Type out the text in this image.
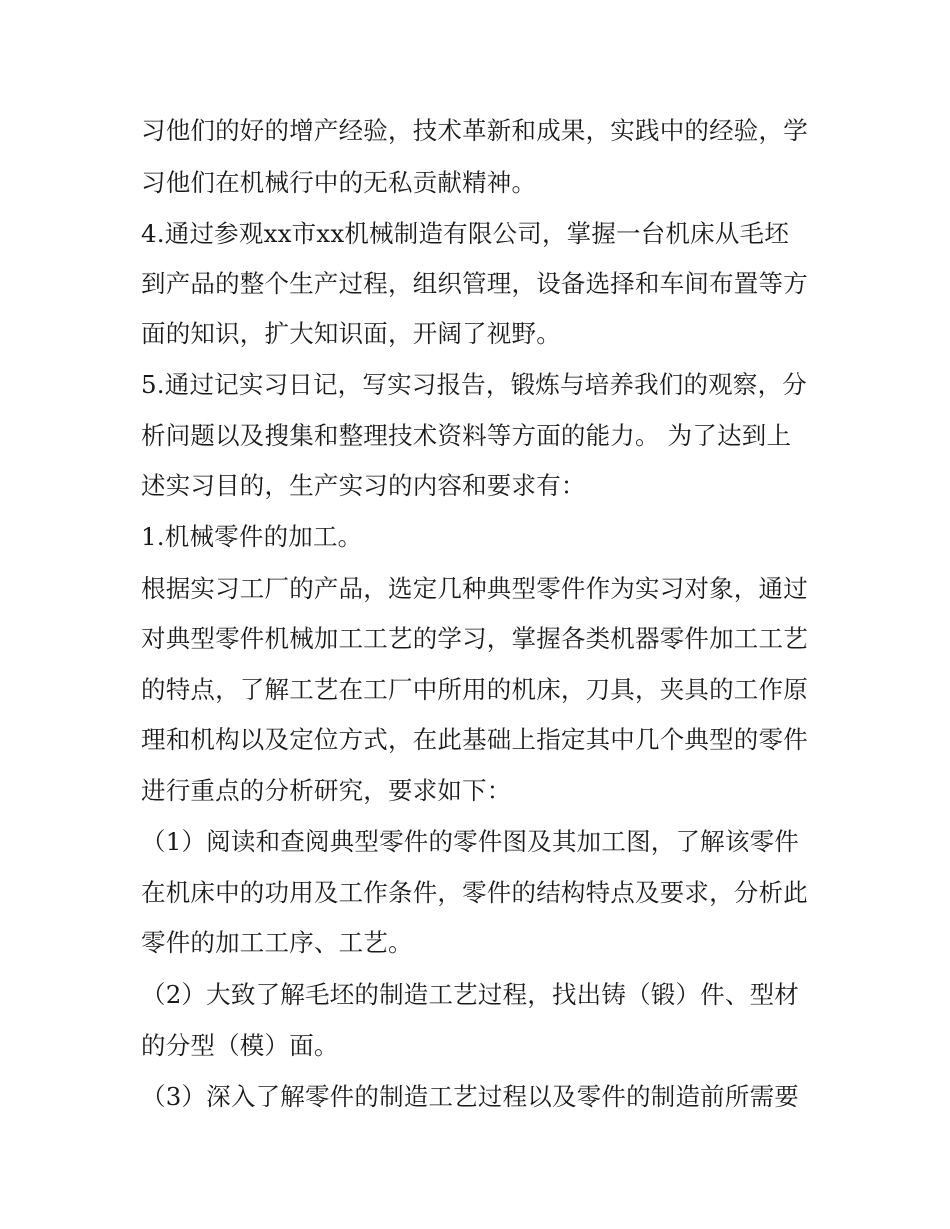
习他们的好的增产经验，技术革新和成果，实践中的经验，学
习他们在机械行中的无私贡献精神。
4.通过参观xx市xx机械制造有限公司，掌握一台机床从毛坯
到产品的整个生产过程，组织管理，设备选择和车间布置等方
面的知识，扩大知识面，开阔了视野。
5.通过记实习日记，写实习报告，锻炼与培养我们的观察，分
析问题以及搜集和整理技术资料等方面的能力。 为了达到上
述实习目的，生产实习的内容和要求有：
1.机械零件的加工。
根据实习工厂的产品，选定几种典型零件作为实习对象，通过
对典型零件机械加工工艺的学习，掌握各类机器零件加工工艺
的特点，了解工艺在工厂中所用的机床，刀具，夹具的工作原
理和机构以及定位方式，在此基础上指定其中几个典型的零件
进行重点的分析研究，要求如下：
（1）阅读和查阅典型零件的零件图及其加工图，了解该零件
在机床中的功用及工作条件，零件的结构特点及要求，分析此
零件的加工工序、工艺。
（2）大致了解毛坯的制造工艺过程，找出铸（锻）件、型材
的分型（模）面。
（3）深入了解零件的制造工艺过程以及零件的制造前所需要
